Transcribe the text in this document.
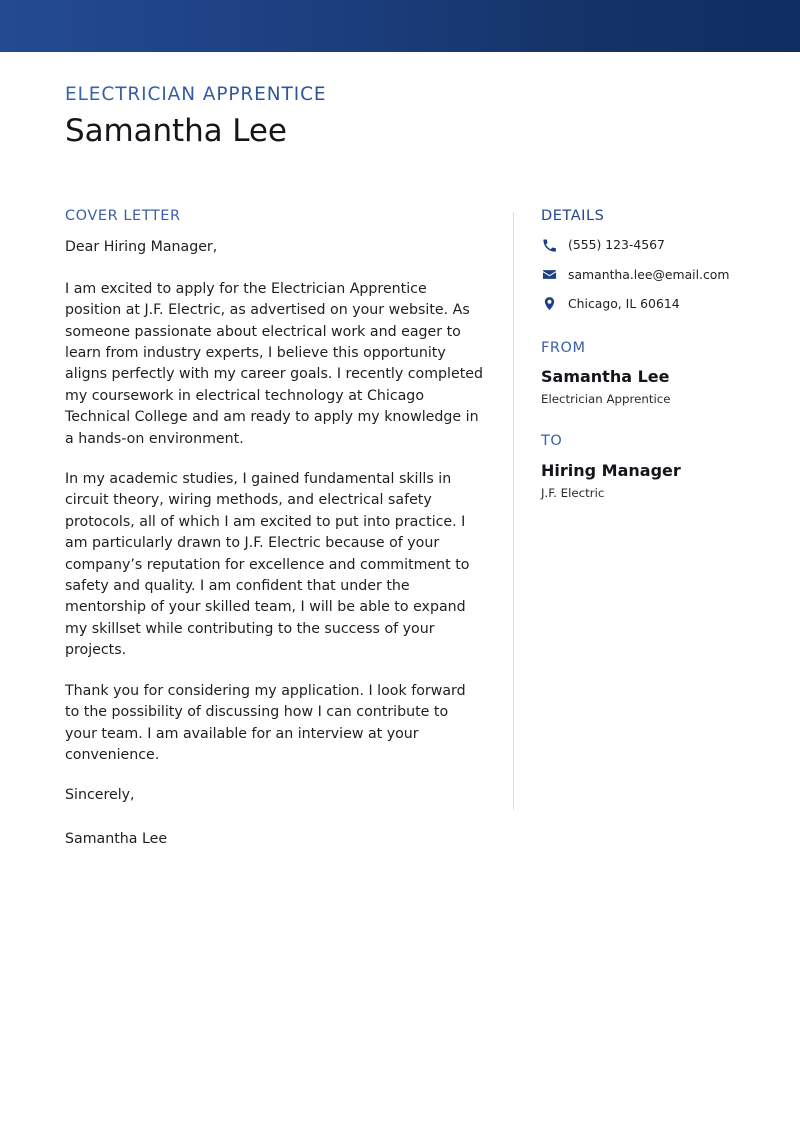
ELECTRICIAN APPRENTICE
Samantha Lee
COVER LETTER

Dear Hiring Manager,

I am excited to apply for the Electrician Apprentice position at J.F. Electric, as advertised on your website. As someone passionate about electrical work and eager to learn from industry experts, I believe this opportunity aligns perfectly with my career goals. I recently completed my coursework in electrical technology at Chicago Technical College and am ready to apply my knowledge in a hands-on environment.

In my academic studies, I gained fundamental skills in circuit theory, wiring methods, and electrical safety protocols, all of which I am excited to put into practice. I am particularly drawn to J.F. Electric because of your company’s reputation for excellence and commitment to safety and quality. I am confident that under the mentorship of your skilled team, I will be able to expand my skillset while contributing to the success of your projects.

Thank you for considering my application. I look forward to the possibility of discussing how I can contribute to your team. I am available for an interview at your convenience.

Sincerely,

Samantha Lee

DETAILS
(555) 123-4567
samantha.lee@email.com
Chicago, IL 60614
FROM
Samantha Lee
Electrician Apprentice
TO
Hiring Manager
J.F. Electric
